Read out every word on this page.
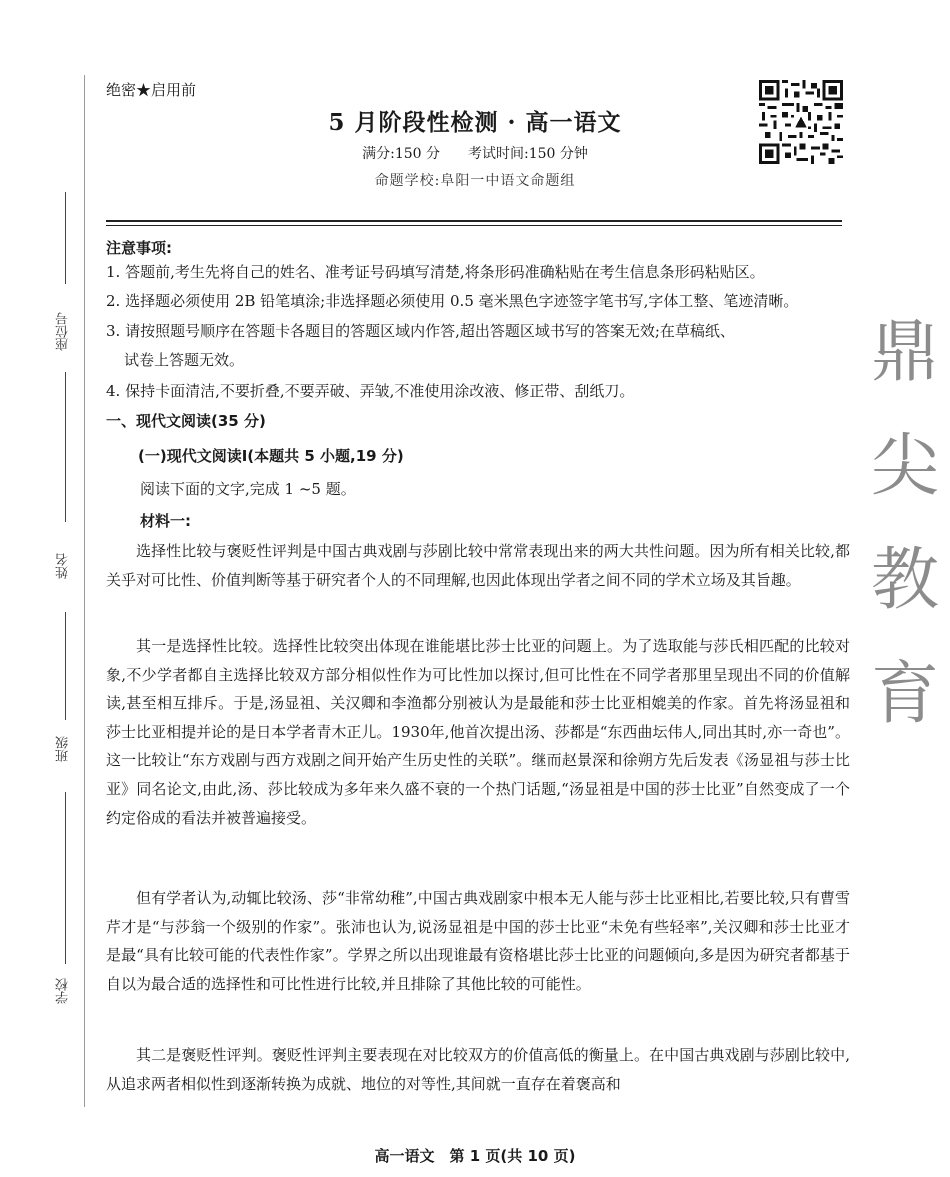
座位号
姓名
班级
学校
绝密★启用前
5 月阶段性检测 · 高一语文
满分:150 分　　考试时间:150 分钟
命题学校:阜阳一中语文命题组
鼎
尖
教
育
注意事项:
1. 答题前,考生先将自己的姓名、准考证号码填写清楚,将条形码准确粘贴在考生信息条形码粘贴区。
2. 选择题必须使用 2B 铅笔填涂;非选择题必须使用 0.5 毫米黑色字迹签字笔书写,字体工整、笔迹清晰。
3. 请按照题号顺序在答题卡各题目的答题区域内作答,超出答题区域书写的答案无效;在草稿纸、
试卷上答题无效。
4. 保持卡面清洁,不要折叠,不要弄破、弄皱,不准使用涂改液、修正带、刮纸刀。
一、现代文阅读(35 分)
(一)现代文阅读Ⅰ(本题共 5 小题,19 分)
阅读下面的文字,完成 1 ~5 题。
材料一:
选择性比较与褒贬性评判是中国古典戏剧与莎剧比较中常常表现出来的两大共性问题。因为所有相关比较,都关乎对可比性、价值判断等基于研究者个人的不同理解,也因此体现出学者之间不同的学术立场及其旨趣。
其一是选择性比较。选择性比较突出体现在谁能堪比莎士比亚的问题上。为了选取能与莎氏相匹配的比较对象,不少学者都自主选择比较双方部分相似性作为可比性加以探讨,但可比性在不同学者那里呈现出不同的价值解读,甚至相互排斥。于是,汤显祖、关汉卿和李渔都分别被认为是最能和莎士比亚相媲美的作家。首先将汤显祖和莎士比亚相提并论的是日本学者青木正儿。1930年,他首次提出汤、莎都是“东西曲坛伟人,同出其时,亦一奇也”。这一比较让“东方戏剧与西方戏剧之间开始产生历史性的关联”。继而赵景深和徐朔方先后发表《汤显祖与莎士比亚》同名论文,由此,汤、莎比较成为多年来久盛不衰的一个热门话题,“汤显祖是中国的莎士比亚”自然变成了一个约定俗成的看法并被普遍接受。
但有学者认为,动辄比较汤、莎“非常幼稚”,中国古典戏剧家中根本无人能与莎士比亚相比,若要比较,只有曹雪芹才是“与莎翁一个级别的作家”。张沛也认为,说汤显祖是中国的莎士比亚“未免有些轻率”,关汉卿和莎士比亚才是最“具有比较可能的代表性作家”。学界之所以出现谁最有资格堪比莎士比亚的问题倾向,多是因为研究者都基于自以为最合适的选择性和可比性进行比较,并且排除了其他比较的可能性。
其二是褒贬性评判。褒贬性评判主要表现在对比较双方的价值高低的衡量上。在中国古典戏剧与莎剧比较中,从追求两者相似性到逐渐转换为成就、地位的对等性,其间就一直存在着褒高和
高一语文　第 1 页(共 10 页)
